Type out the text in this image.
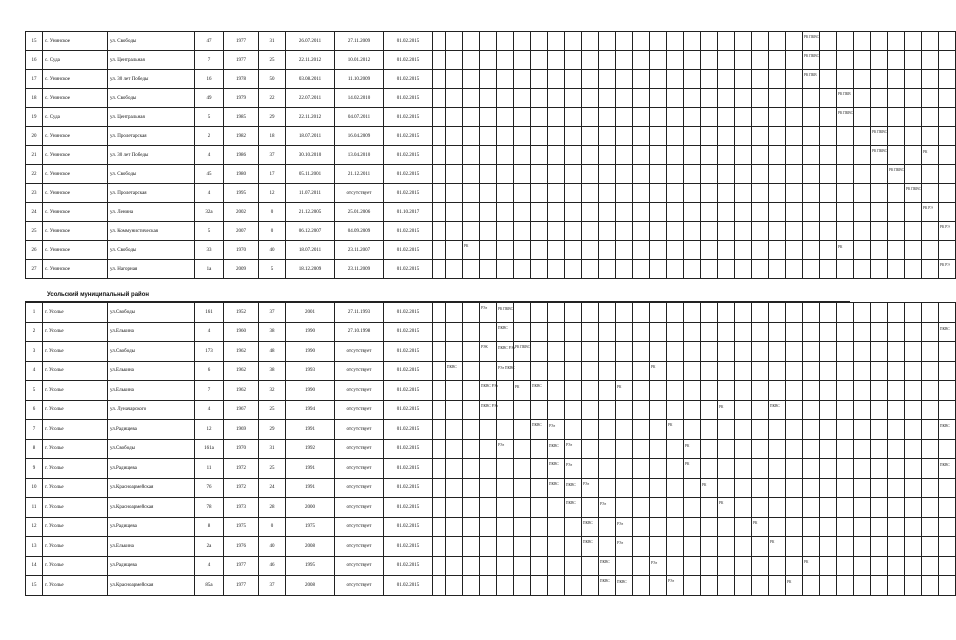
15	с. Унинское	ул. Свободы	47	1977	31	26.07.2011	27.11.2009	01.02.2015																							РК ПКВС								

16	с. Суда	ул. Центральная	7	1977	25	22.11.2012	10.01.2012	01.02.2015																							РК ПКВС								

17	с. Унинское	ул. 30 лет Победы	16	1978	50	03.08.2011	11.10.2009	01.02.2015																							РК ПКВ								

18	с. Унинское	ул. Свободы	49	1979	22	22.07.2011	14.02.2010	01.02.2015																									РК ПКВ						

19	с. Суда	ул. Центральная	5	1985	29	22.11.2012	04.07.2011	01.02.2015																									РК ПКВС						

20	с. Унинское	ул. Пролетарская	2	1982	18	18.07.2011	16.04.2009	01.02.2015																											РК ПКВС				

21	с. Унинское	ул. 30 лет Победы	4	1986	37	30.10.2010	13.04.2010	01.02.2015																											РК ПКВС			РК	

22	с. Унинское	ул. Свободы	45	1980	17	05.11.2001	21.12.2011	01.02.2015																												РК ПКВС			

23	с. Унинское	ул. Пролетарская	4	1995	12	11.07.2011	отсутствует	01.02.2015																													РК ПКВС		

24	с. Унинское	ул. Ленина	32а	2002	0	21.12.2005	25.01.2006	01.10.2017																														РК РЭ	

25	с. Унинское	ул. Коммунистическая	5	2007	0	06.12.2007	04.09.2009	01.02.2015																															РК РЭ

26	с. Унинское	ул. Свободы	33	1970	40	18.07.2011	23.11.2007	01.02.2015			РК																						РК						

27	с. Унинское	ул. Нагорная	1а	2009	5	18.12.2009	23.11.2009	01.02.2015																															РК РЭ
Усольский муниципальный район
1	г. Усолье	ул.Свободы	161	1952	37	2001	27.11.1993	01.02.2015				РЭл	РК ПКВС																										

2	г. Усолье	ул.Елькина	4	1960	38	1990	27.10.1998	01.02.2015					ПКВС																										ПКВС

3	г. Усолье	ул.Свободы	173	1962	48	1990	отсутствует	01.02.2015				РЭК	ПКВС РЭл	РК ПКВС																									

4	г. Усолье	ул.Елькина	6	1962	38	1993	отсутствует	01.02.2015		ПКВС			РЭл ПКВС									РК																	

5	г. Усолье	ул.Елькина	7	1962	32	1990	отсутствует	01.02.2015				ПКВС РЭл		РК	ПКВС					РК																			

6	г. Усолье	ул. Луначарского	4	1967	25	1994	отсутствует	01.02.2015				ПКВС РЭл														РК			ПКВС										

7	г. Усолье	ул.Радищева	12	1969	29	1991	отсутствует	01.02.2015							ПКВС	РЭл							РК																ПКВС

8	г. Усолье	ул.Свободы	161а	1970	31	1992	отсутствует	01.02.2015					РЭл			ПКВС	РЭл							РК															

9	г. Усолье	ул.Радищева	11	1972	25	1991	отсутствует	01.02.2015								ПКВС	РЭл							РК															ПКВС

10	г. Усолье	ул.Красноармейская	76	1972	24	1991	отсутствует	01.02.2015								ПКВС	ПКВС	РЭл							РК														

11	г. Усолье	ул.Красноармейская	78	1973	28	2000	отсутствует	01.02.2015									ПКВС		РЭл							РК													

12	г. Усолье	ул.Радищева	8	1975	0	1975	отсутствует	01.02.2015										ПКВС		РЭл								РК											

13	г. Усолье	ул.Елькина	2а	1976	40	2008	отсутствует	01.02.2015										ПКВС		РЭл									РК										

14	г. Усолье	ул.Радищева	4	1977	46	1995	отсутствует	01.02.2015											ПКВС			РЭл									РК								

15	г. Усолье	ул.Красноармейская	85а	1977	37	2008	отсутствует	01.02.2015											ПКВС	ПКВС			РЭл							РК									
